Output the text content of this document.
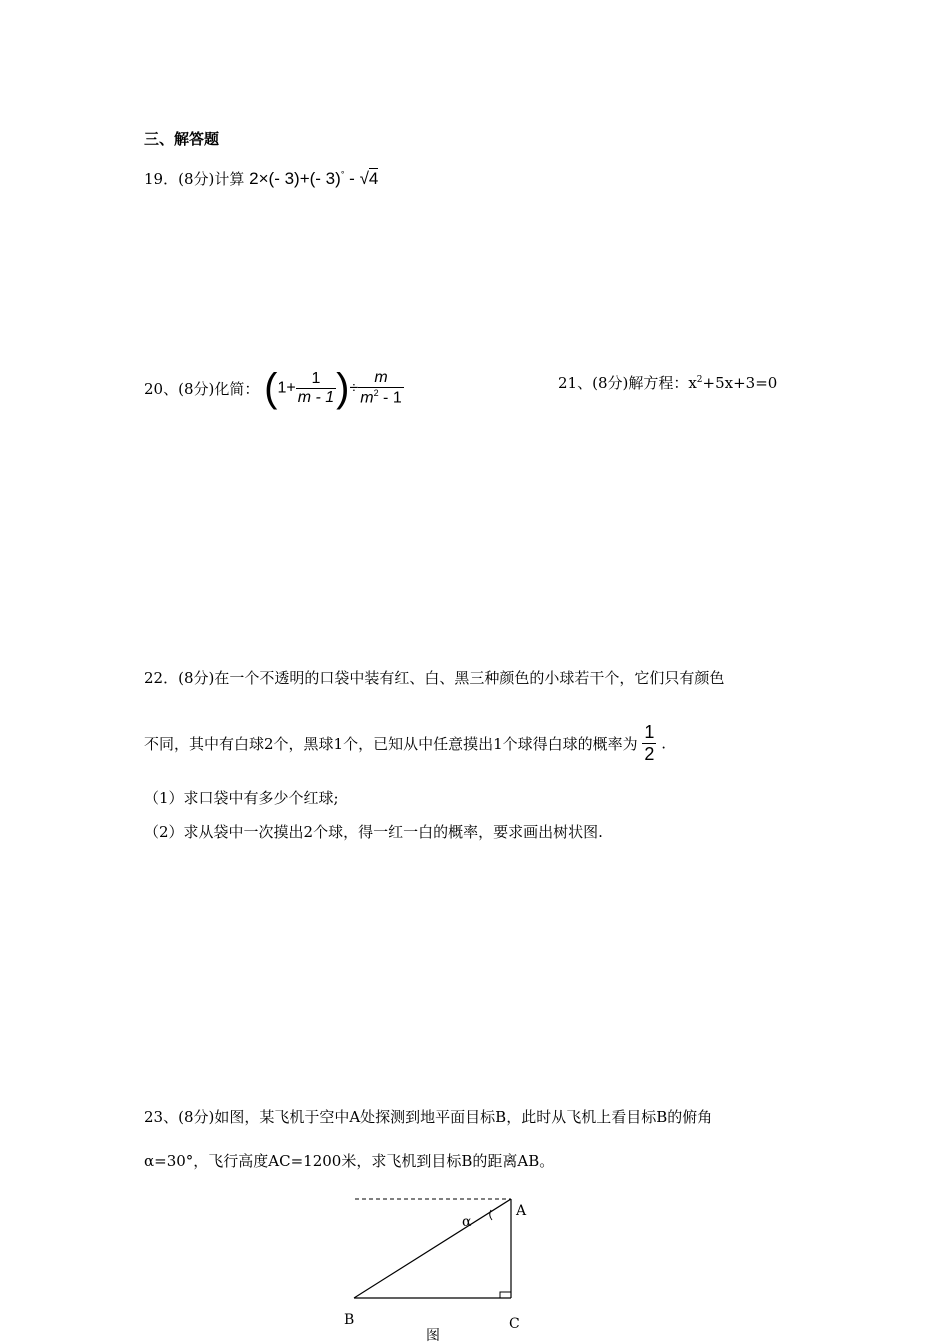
三、解答题
19．(8分)计算 2×(- 3)+(- 3)° - √4
20、(8分)化简： ($1+ \frac{1}{m - 1}$ )÷ $\frac{m}{m^2 - 1}$	21、(8分)解方程：$x^2+5x+3=0$
22．(8分)在一个不透明的口袋中装有红、白、黑三种颜色的小球若干个，它们只有颜色
不同，其中有白球2个，黑球1个，已知从中任意摸出1个球得白球的概率为 $\frac{1}{2}$ .
（1）求口袋中有多少个红球;
（2）求从袋中一次摸出2个球，得一红一白的概率，要求画出树状图.
23、(8分)如图，某飞机于空中A处探测到地平面目标B，此时从飞机上看目标B的俯角
α=30°，飞行高度AC=1200米，求飞机到目标B的距离AB。
α
A
B	C
图
